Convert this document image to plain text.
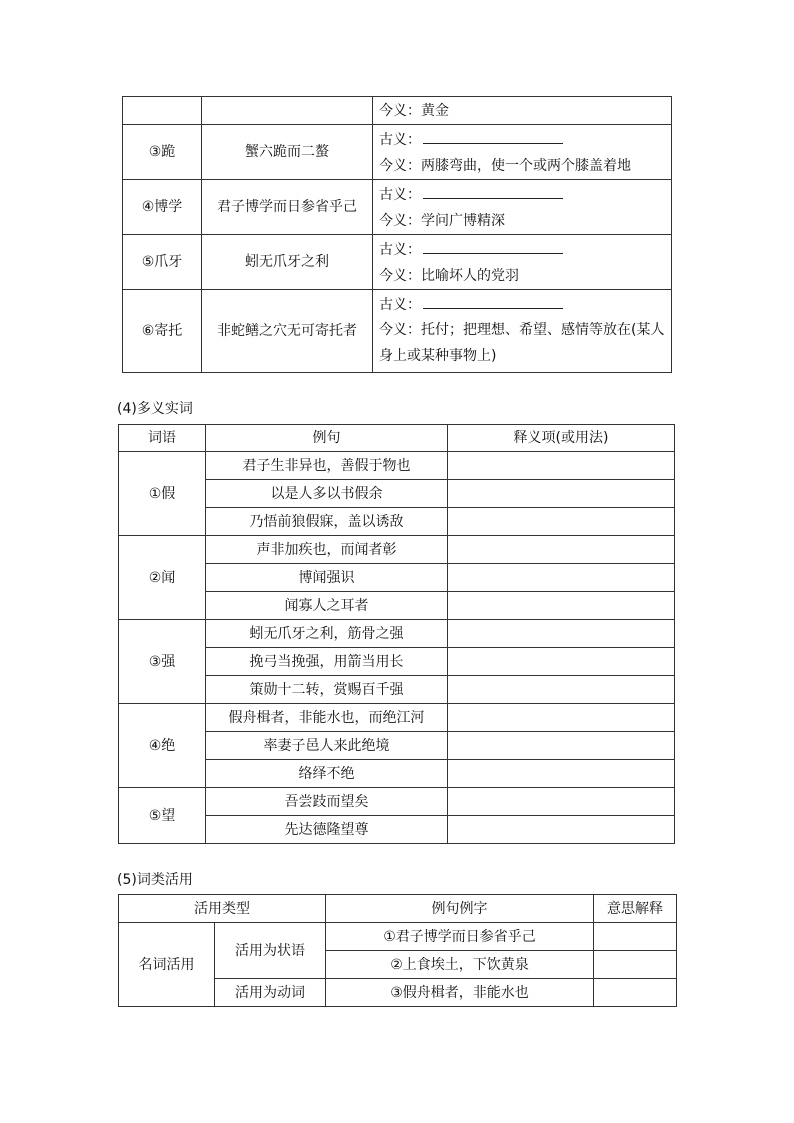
		今义：黄金
③跪	蟹六跪而二螯	古义：
今义：两膝弯曲，使一个或两个膝盖着地

④博学	君子博学而日参省乎己	古义：
今义：学问广博精深

⑤爪牙	蚓无爪牙之利	古义：
今义：比喻坏人的党羽

⑥寄托	非蛇鳝之穴无可寄托者	古义：
今义：托付；把理想、希望、感情等放在(某人身上或某种事物上)
(4)多义实词
词语	例句	释义项(或用法)
①假	君子生非异也，善假于物也	
	以是人多以书假余	
	乃悟前狼假寐，盖以诱敌	
②闻	声非加疾也，而闻者彰	
	博闻强识	
	闻寡人之耳者	
③强	蚓无爪牙之利，筋骨之强	
	挽弓当挽强，用箭当用长	
	策勋十二转，赏赐百千强	
④绝	假舟楫者，非能水也，而绝江河	
	率妻子邑人来此绝境	
	络绎不绝	
⑤望	吾尝跂而望矣	
	先达德隆望尊	
(5)词类活用
活用类型		例句例字	意思解释
名词活用	活用为状语	①君子博学而日参省乎己	
		②上食埃土，下饮黄泉	
	活用为动词	③假舟楫者，非能水也	
